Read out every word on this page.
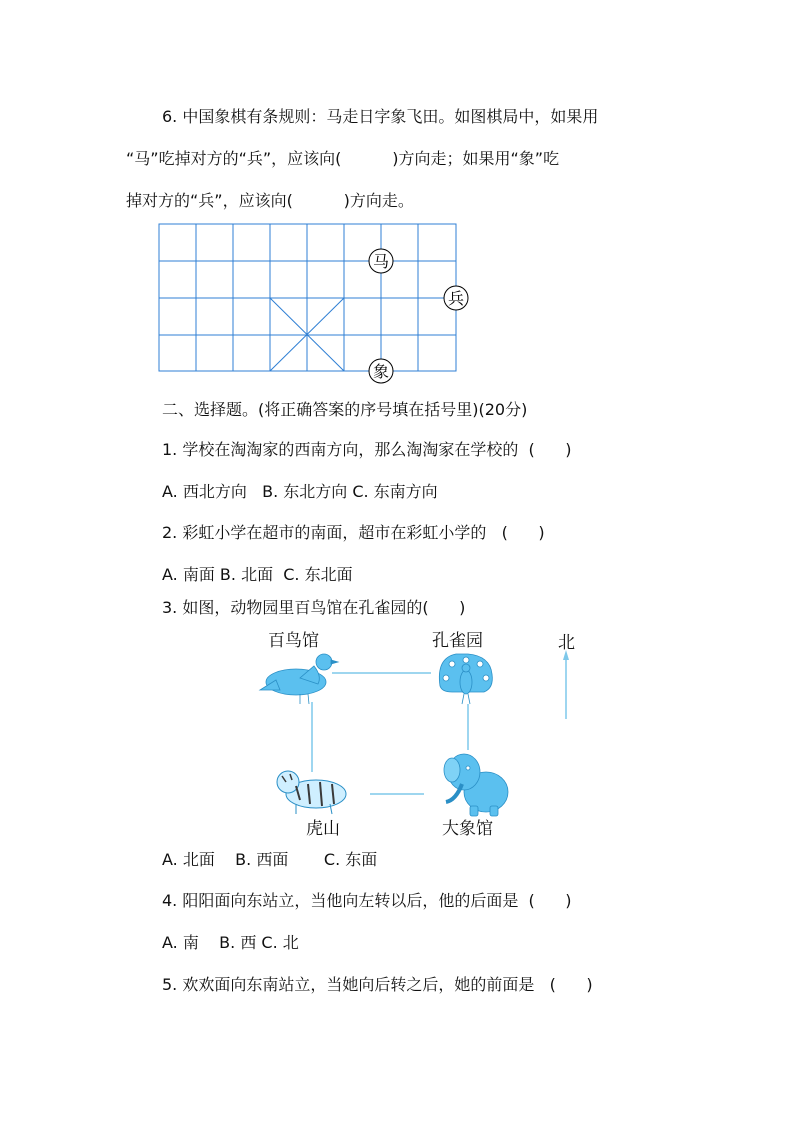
6. 中国象棋有条规则：马走日字象飞田。如图棋局中，如果用
“马”吃掉对方的“兵”，应该向(          )方向走；如果用“象”吃
掉对方的“兵”，应该向(          )方向走。
马
兵
象
二、选择题。(将正确答案的序号填在括号里)(20分)
1. 学校在淘淘家的西南方向，那么淘淘家在学校的  (      )
A. 西北方向   B. 东北方向 C. 东南方向
2. 彩虹小学在超市的南面，超市在彩虹小学的   (      )
A. 南面 B. 北面  C. 东北面
3. 如图，动物园里百鸟馆在孔雀园的(      )
百鸟馆	孔雀园	北
虎山	大象馆
A. 北面    B. 西面       C. 东面
4. 阳阳面向东站立，当他向左转以后，他的后面是  (      )
A. 南    B. 西 C. 北
5. 欢欢面向东南站立，当她向后转之后，她的前面是   (      )
